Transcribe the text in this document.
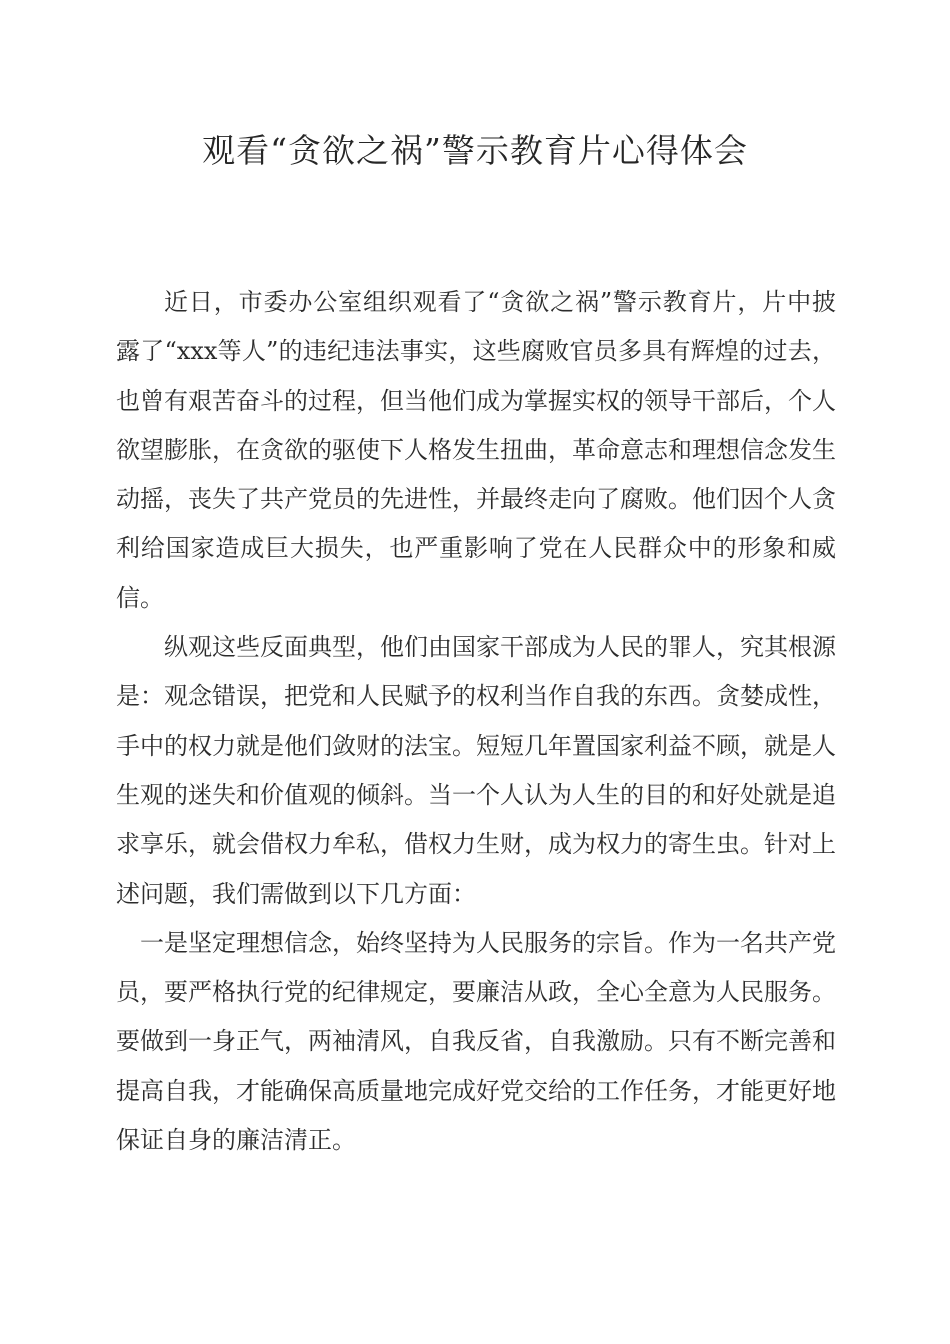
观看“贪欲之祸”警示教育片心得体会

近日，市委办公室组织观看了“贪欲之祸”警示教育片，片中披露了“xxx等人”的违纪违法事实，这些腐败官员多具有辉煌的过去，也曾有艰苦奋斗的过程，但当他们成为掌握实权的领导干部后，个人欲望膨胀，在贪欲的驱使下人格发生扭曲，革命意志和理想信念发生动摇，丧失了共产党员的先进性，并最终走向了腐败。他们因个人贪利给国家造成巨大损失，也严重影响了党在人民群众中的形象和威信。

纵观这些反面典型，他们由国家干部成为人民的罪人，究其根源是：观念错误，把党和人民赋予的权利当作自我的东西。贪婪成性，手中的权力就是他们敛财的法宝。短短几年置国家利益不顾，就是人生观的迷失和价值观的倾斜。当一个人认为人生的目的和好处就是追求享乐，就会借权力牟私，借权力生财，成为权力的寄生虫。针对上述问题，我们需做到以下几方面：

一是坚定理想信念，始终坚持为人民服务的宗旨。作为一名共产党员，要严格执行党的纪律规定，要廉洁从政，全心全意为人民服务。要做到一身正气，两袖清风，自我反省，自我激励。只有不断完善和提高自我，才能确保高质量地完成好党交给的工作任务，才能更好地保证自身的廉洁清正。
